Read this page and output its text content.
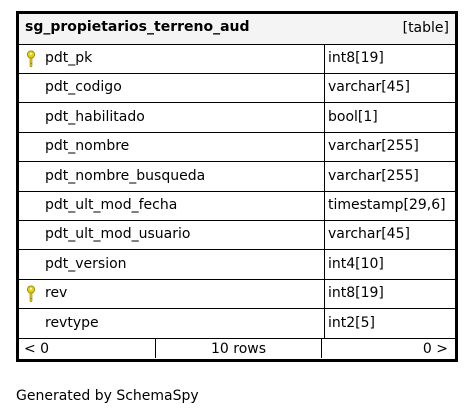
sg_propietarios_terreno_aud	[table]
pdt_pk	int8[19]
pdt_codigo	varchar[45]
pdt_habilitado	bool[1]
pdt_nombre	varchar[255]
pdt_nombre_busqueda	varchar[255]
pdt_ult_mod_fecha	timestamp[29,6]
pdt_ult_mod_usuario	varchar[45]
pdt_version	int4[10]
rev	int8[19]
revtype	int2[5]
< 0	10 rows	0 >
Generated by SchemaSpy
